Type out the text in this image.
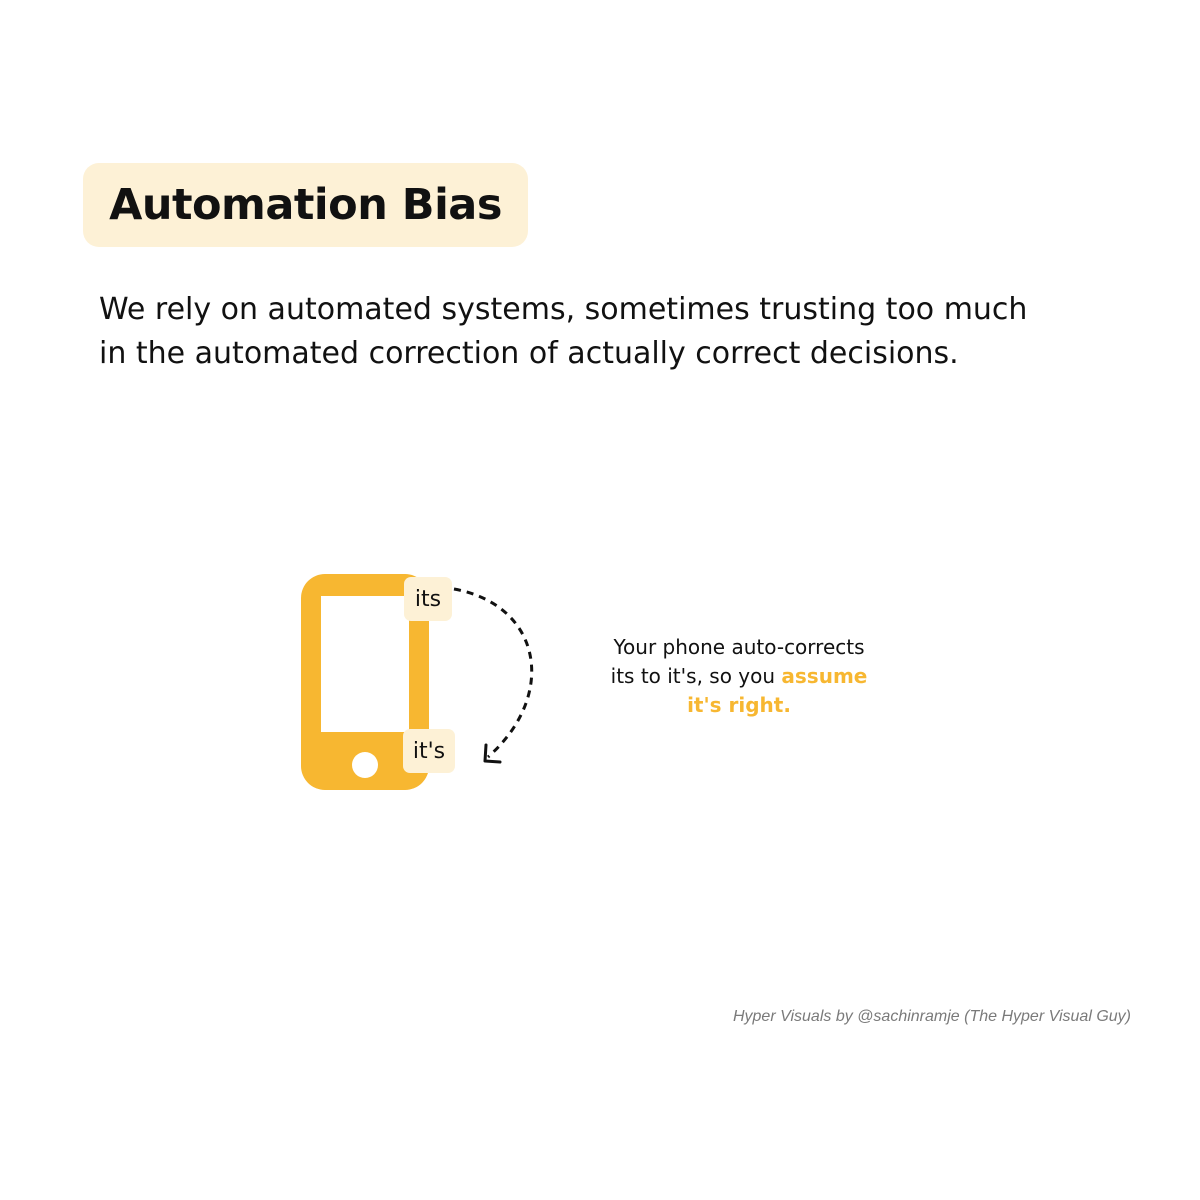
Automation Bias

We rely on automated systems, sometimes trusting too much in the automated correction of actually correct decisions.

its
it's

Your phone auto-corrects its to it's, so you assume it's right.

Hyper Visuals by @sachinramje (The Hyper Visual Guy)
